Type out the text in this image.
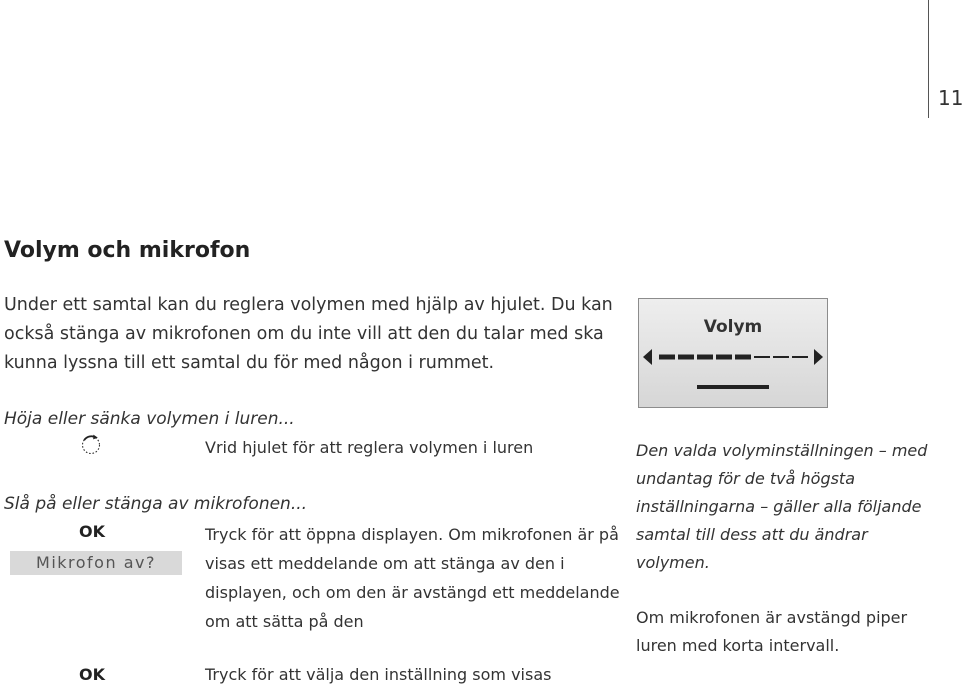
11
Volym och mikrofon
Under ett samtal kan du reglera volymen med hjälp av hjulet. Du kan också stänga av mikrofonen om du inte vill att den du talar med ska kunna lyssna till ett samtal du för med någon i rummet.
Höja eller sänka volymen i luren...
Vrid hjulet för att reglera volymen i luren
Slå på eller stänga av mikrofonen...
OK	Tryck för att öppna displayen. Om mikrofonen är på visas ett meddelande om att stänga av den i displayen, och om den är avstängd ett meddelande om att sätta på den
Mikrofon av?
OK	Tryck för att välja den inställning som visas
Volym
Den valda volyminställningen – med undantag för de två högsta inställningarna – gäller alla följande samtal till dess att du ändrar volymen.
Om mikrofonen är avstängd piper luren med korta intervall.
